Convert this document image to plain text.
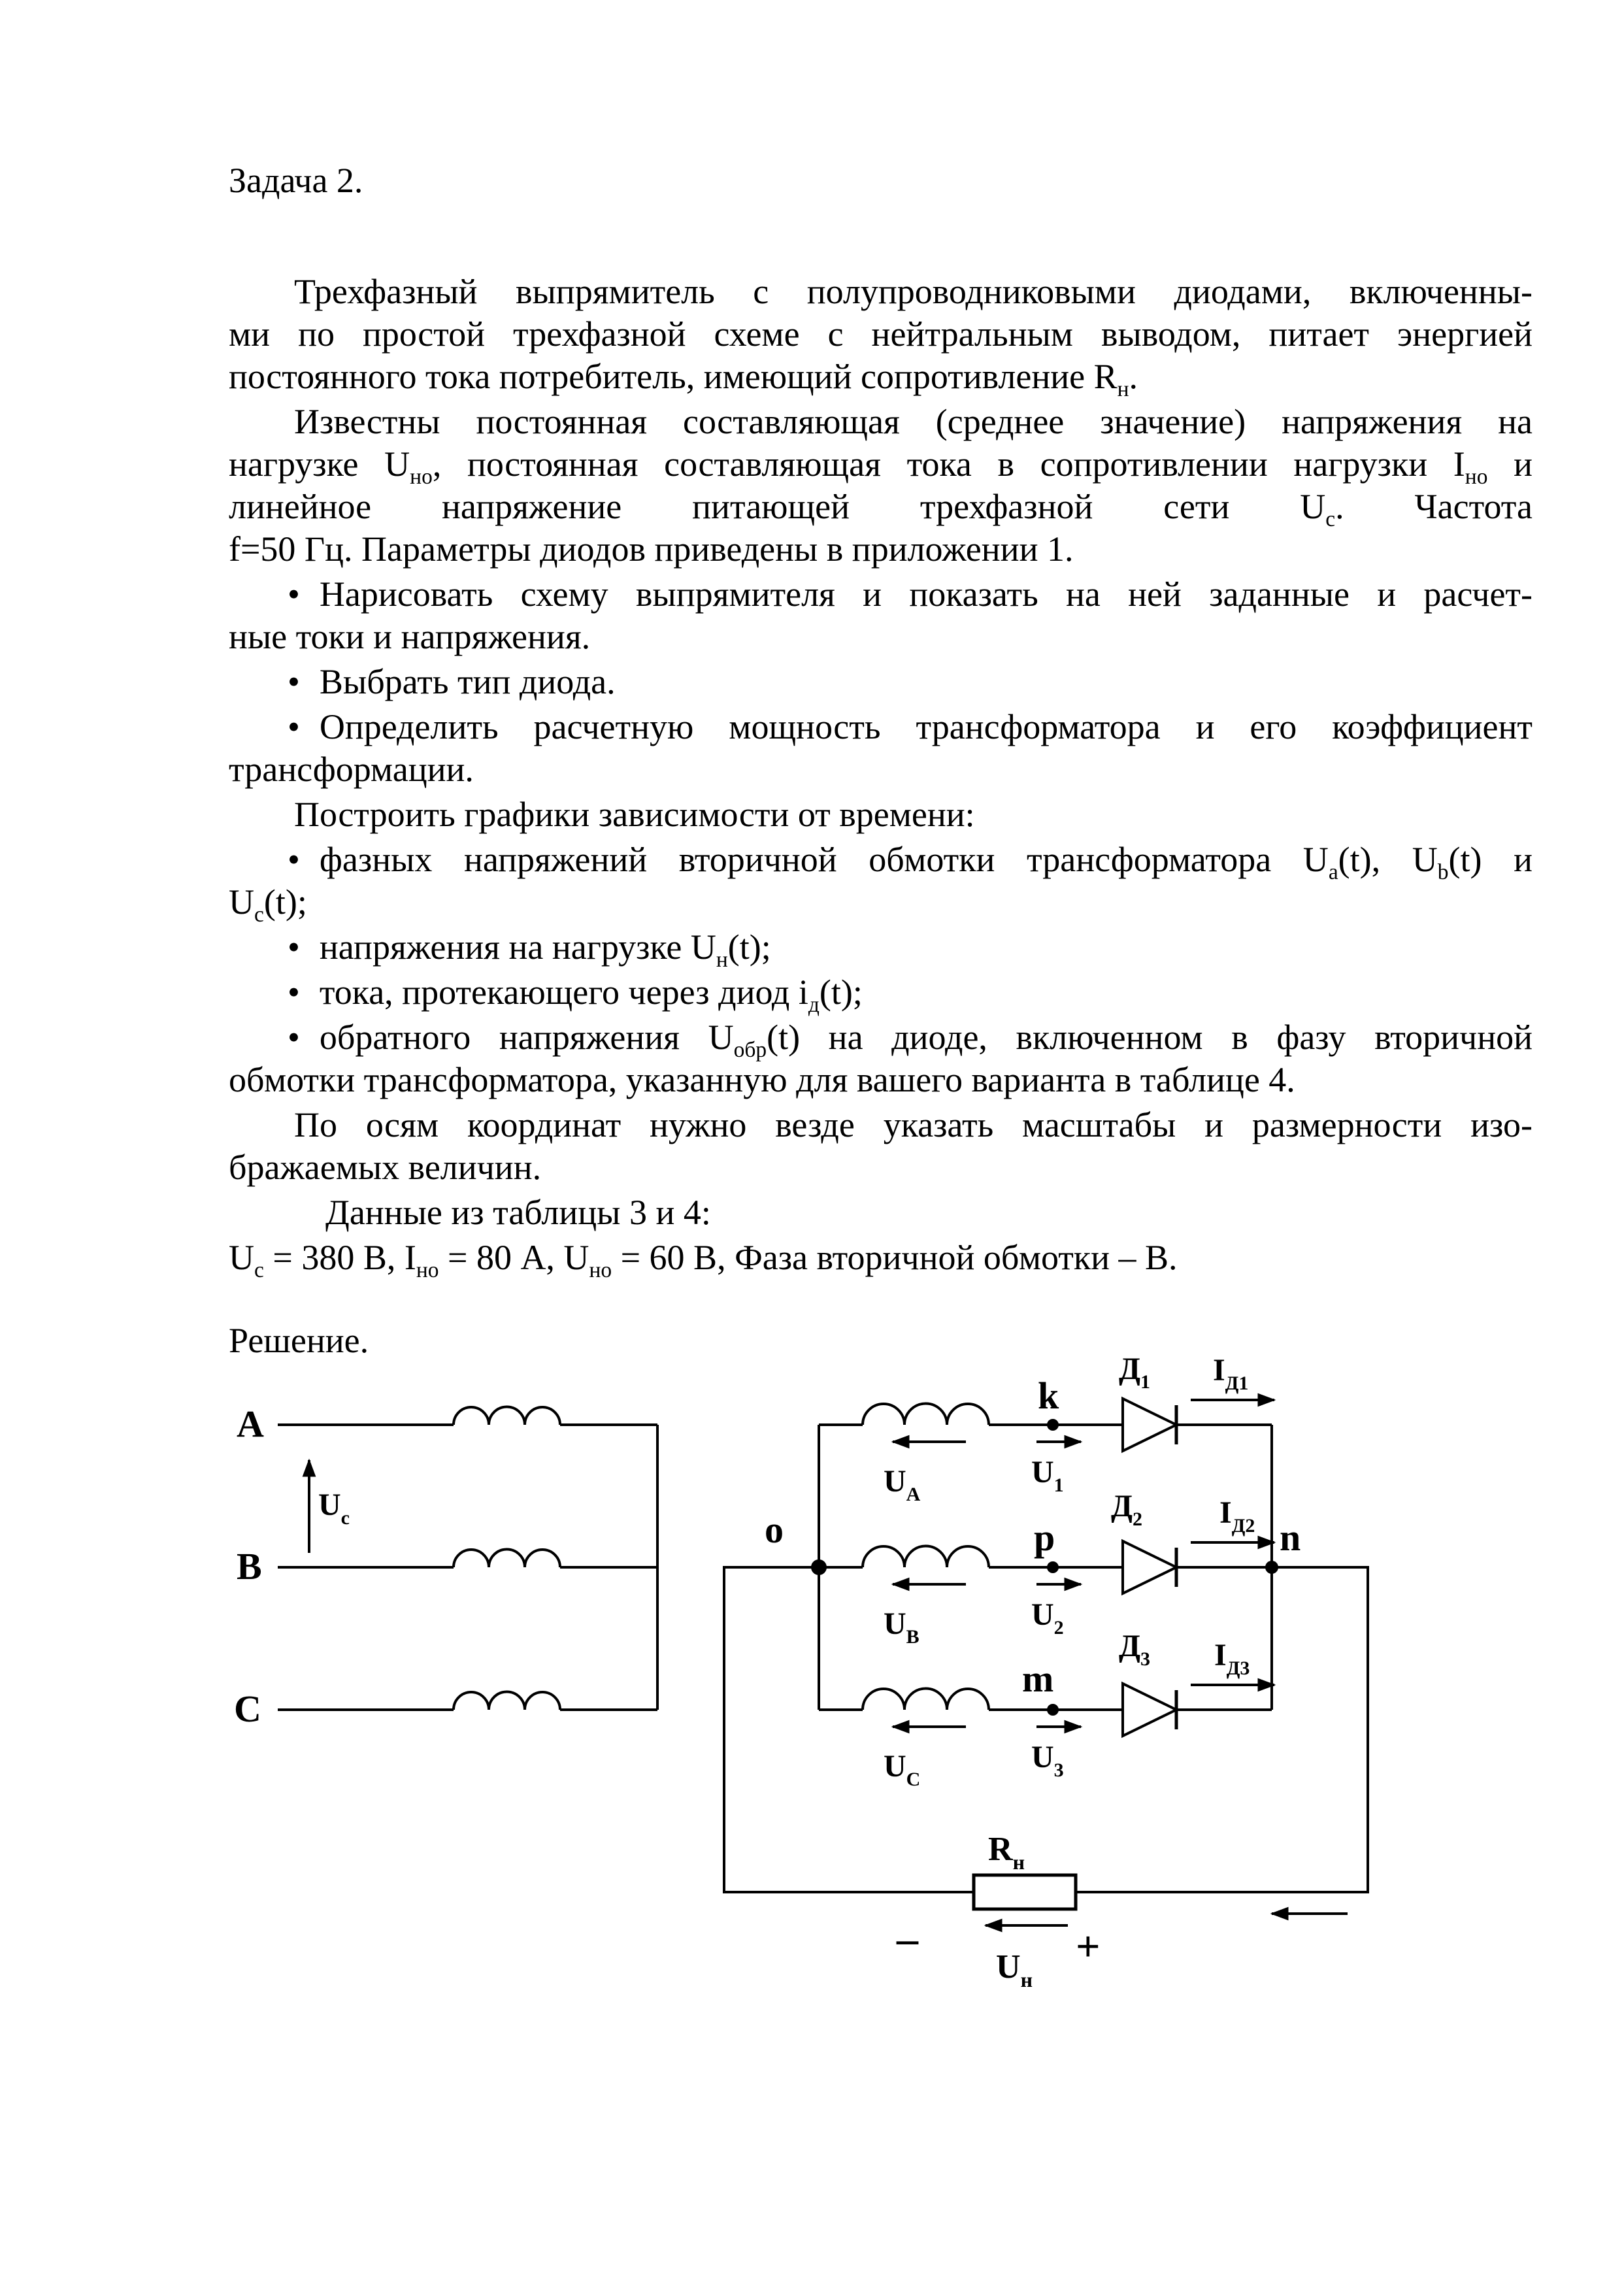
Задача 2.
Трехфазный выпрямитель с полупроводниковыми диодами, включенны-
ми по простой трехфазной схеме с нейтральным выводом, питает энергией
постоянного тока потребитель, имеющий сопротивление $R_н$.
Известны постоянная составляющая (среднее значение) напряжения на
нагрузке $U_{но}$, постоянная составляющая тока в сопротивлении нагрузки $I_{но}$ и
линейное напряжение питающей трехфазной сети $U_c$. Частота
f=50 Гц. Параметры диодов приведены в приложении 1.
• Нарисовать схему выпрямителя и показать на ней заданные и расчет-
ные токи и напряжения.
• Выбрать тип диода.
• Определить расчетную мощность трансформатора и его коэффициент
трансформации.
Построить графики зависимости от времени:
• фазных напряжений вторичной обмотки трансформатора $U_a(t)$, $U_b(t)$ и
$U_c(t)$;
• напряжения на нагрузке $U_н(t)$;
• тока, протекающего через диод $i_д(t)$;
• обратного напряжения $U_{обр}(t)$ на диоде, включенном в фазу вторичной
обмотки трансформатора, указанную для вашего варианта в таблице 4.
По осям координат нужно везде указать масштабы и размерности изо-
бражаемых величин.
Данные из таблицы 3 и 4:
$U_c = 380$ В, $I_{но} = 80$ А, $U_{но} = 60$ В, Фаза вторичной обмотки – В.
Решение.
A
B
C
$U_c$	o
k
p
m
n
$U_A$
$U_B$
$U_C$
$U_1$
$U_2$
$U_3$
$Д_1$
$Д_2$
$Д_3$
$I_{Д1}$
$I_{Д2}$
$I_{Д3}$
$R_н$
$U_н$
–	+
